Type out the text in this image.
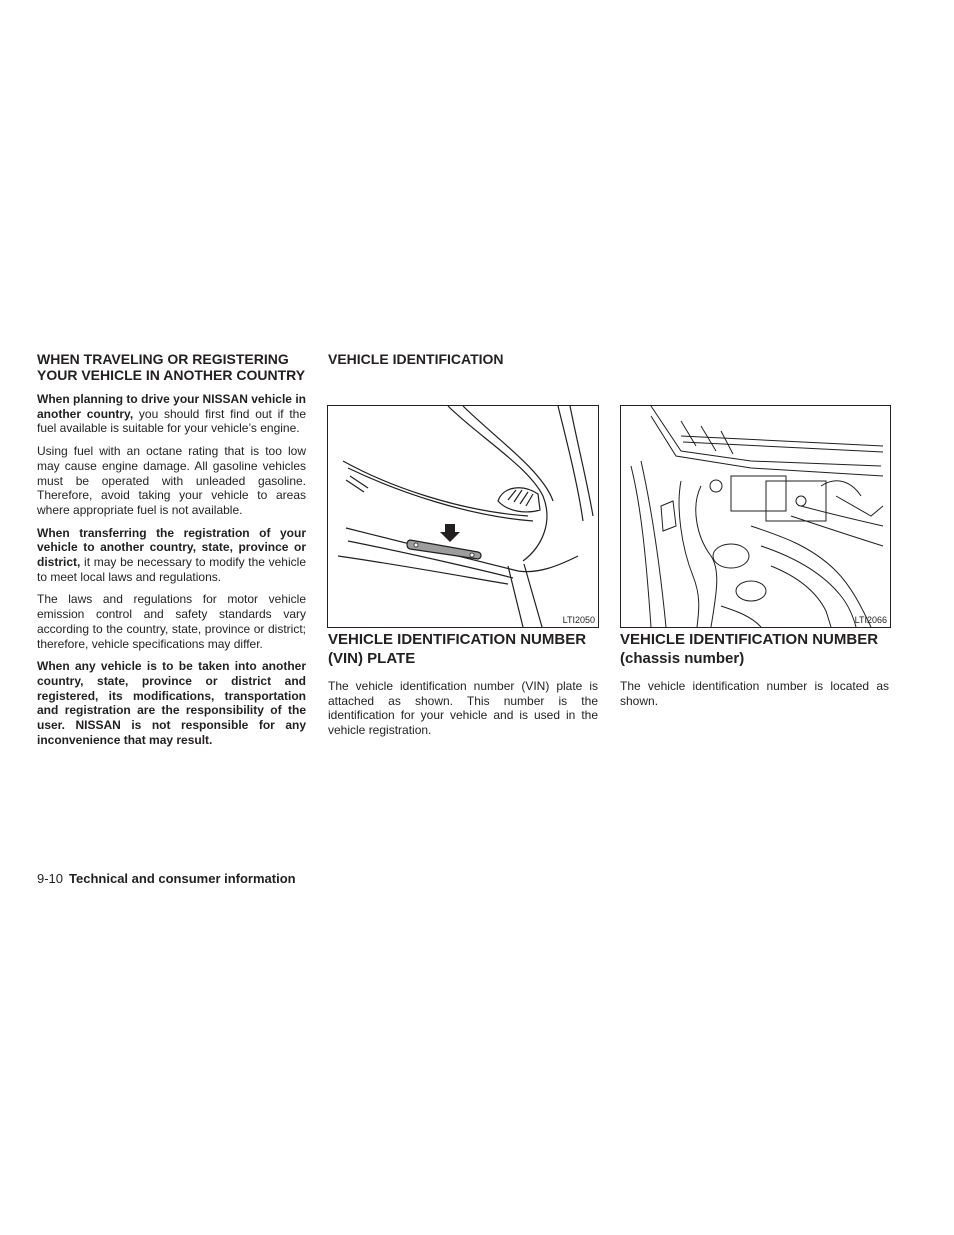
WHEN TRAVELING OR REGISTERING YOUR VEHICLE IN ANOTHER COUNTRY

When planning to drive your NISSAN vehicle in another country, you should first find out if the fuel available is suitable for your vehicle’s engine.

Using fuel with an octane rating that is too low may cause engine damage. All gasoline vehicles must be operated with unleaded gasoline. Therefore, avoid taking your vehicle to areas where appropriate fuel is not available.

When transferring the registration of your vehicle to another country, state, province or district, it may be necessary to modify the vehicle to meet local laws and regulations.

The laws and regulations for motor vehicle emission control and safety standards vary according to the country, state, province or district; therefore, vehicle specifications may differ.

When any vehicle is to be taken into another country, state, province or district and registered, its modifications, transportation and registration are the responsibility of the user. NISSAN is not responsible for any inconvenience that may result.

VEHICLE IDENTIFICATION
LTI2050
VEHICLE IDENTIFICATION NUMBER (VIN) PLATE

The vehicle identification number (VIN) plate is attached as shown. This number is the identification for your vehicle and is used in the vehicle registration.

LTI2066
VEHICLE IDENTIFICATION NUMBER
(chassis number)

The vehicle identification number is located as shown.

9-10 Technical and consumer information
